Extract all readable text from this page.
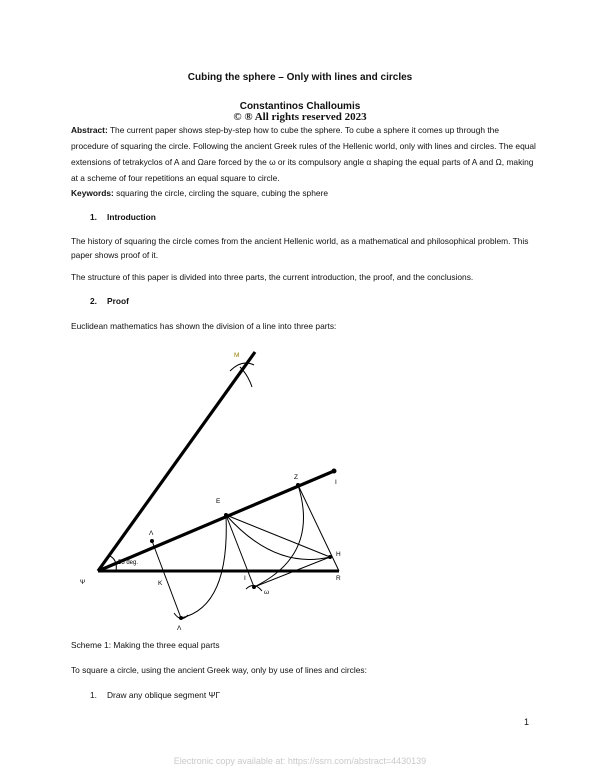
Cubing the sphere – Only with lines and circles
Constantinos Challoumis
© ® All rights reserved 2023
Abstract: The current paper shows step-by-step how to cube the sphere. To cube a sphere it comes up through the procedure of squaring the circle. Following the ancient Greek rules of the Hellenic world, only with lines and circles. The equal extensions of tetrakyclos of A and Ωare forced by the ω or its compulsory angle α shaping the equal parts of A and Ω, making at a scheme of four repetitions an equal square to circle.
Keywords: squaring the circle, circling the square, cubing the sphere
1. Introduction
The history of squaring the circle comes from the ancient Hellenic world, as a mathematical and philosophical problem. This paper shows proof of it.
The structure of this paper is divided into three parts, the current introduction, the proof, and the conclusions.
2. Proof
Euclidean mathematics has shown the division of a line into three parts:
M
Z
I
E
H
Λ
Ψ	K
I	R
ω
Λ
55 deg.
Scheme 1: Making the three equal parts
To square a circle, using the ancient Greek way, only by use of lines and circles:
1. Draw any oblique segment ΨΓ
1
Electronic copy available at: https://ssrn.com/abstract=4430139
